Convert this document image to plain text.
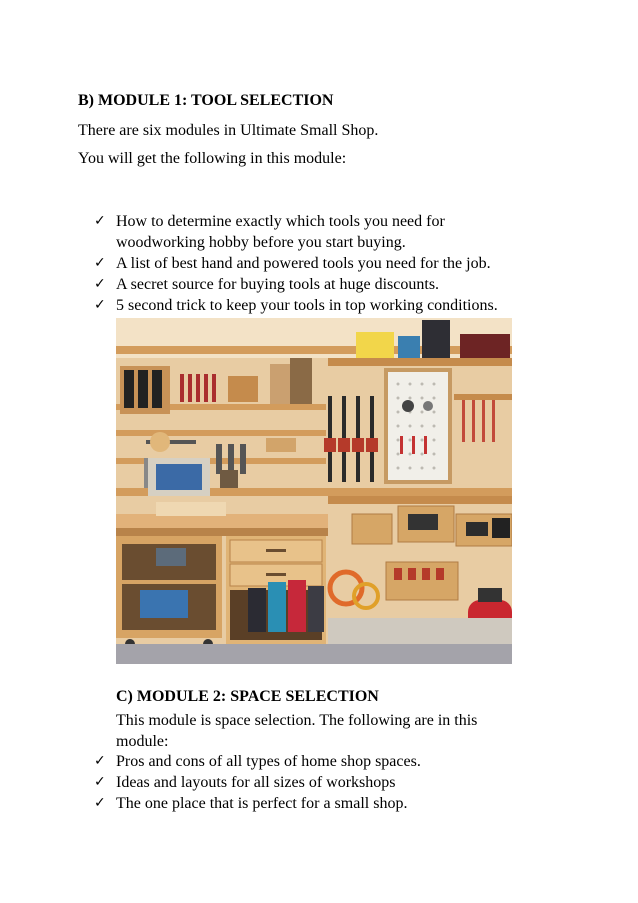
B) MODULE 1: TOOL SELECTION
There are six modules in Ultimate Small Shop.
You will get the following in this module:
✓ How to determine exactly which tools you need for
woodworking hobby before you start buying.
✓ A list of best hand and powered tools you need for the job.
✓ A secret source for buying tools at huge discounts.
✓ 5 second trick to keep your tools in top working conditions.
C) MODULE 2: SPACE SELECTION
This module is space selection. The following are in this
module:
✓ Pros and cons of all types of home shop spaces.
✓ Ideas and layouts for all sizes of workshops
✓ The one place that is perfect for a small shop.
